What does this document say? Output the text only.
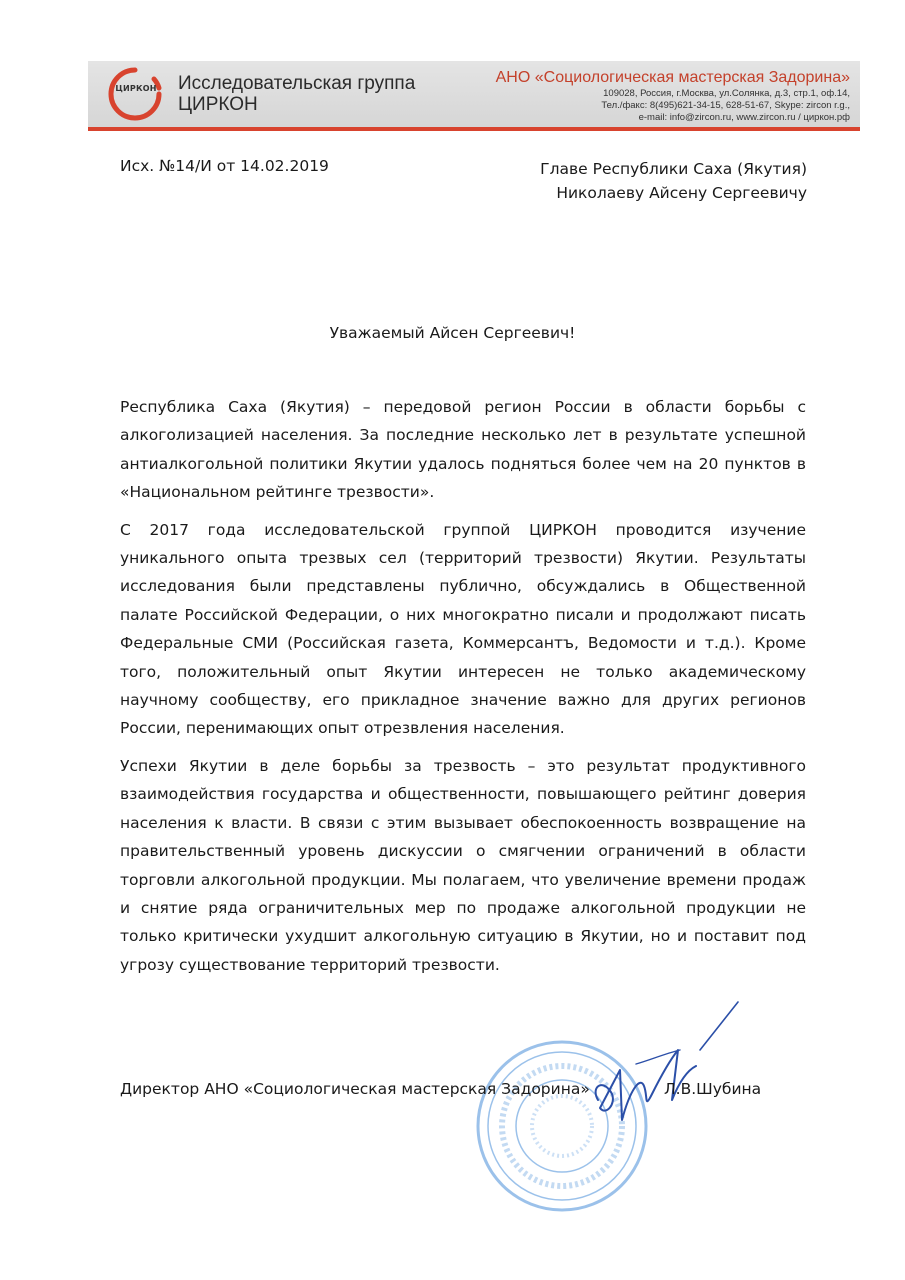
ЦИРКОН	Исследовательская группа
ЦИРКОН
АНО «Социологическая мастерская Задорина»
109028, Россия, г.Москва, ул.Солянка, д.3, стр.1, оф.14,
Тел./факс: 8(495)621-34-15, 628-51-67, Skype: zircon r.g.,
e-mail: info@zircon.ru, www.zircon.ru / циркон.рф
Исх. №14/И от 14.02.2019	Главе Республики Саха (Якутия)
Николаеву Айсену Сергеевичу
Уважаемый Айсен Сергеевич!

Республика Саха (Якутия) – передовой регион России в области борьбы с алкоголизацией населения. За последние несколько лет в результате успешной антиалкогольной политики Якутии удалось подняться более чем на 20 пунктов в «Национальном рейтинге трезвости».

С 2017 года исследовательской группой ЦИРКОН проводится изучение уникального опыта трезвых сел (территорий трезвости) Якутии. Результаты исследования были представлены публично, обсуждались в Общественной палате Российской Федерации, о них многократно писали и продолжают писать Федеральные СМИ (Российская газета, Коммерсантъ, Ведомости и т.д.). Кроме того, положительный опыт Якутии интересен не только академическому научному сообществу, его прикладное значение важно для других регионов России, перенимающих опыт отрезвления населения.

Успехи Якутии в деле борьбы за трезвость – это результат продуктивного взаимодействия государства и общественности, повышающего рейтинг доверия населения к власти. В связи с этим вызывает обеспокоенность возвращение на правительственный уровень дискуссии о смягчении ограничений в области торговли алкогольной продукции. Мы полагаем, что увеличение времени продаж и снятие ряда ограничительных мер по продаже алкогольной продукции не только критически ухудшит алкогольную ситуацию в Якутии, но и поставит под угрозу существование территорий трезвости.

Директор АНО «Социологическая мастерская Задорина»	Л.В.Шубина
